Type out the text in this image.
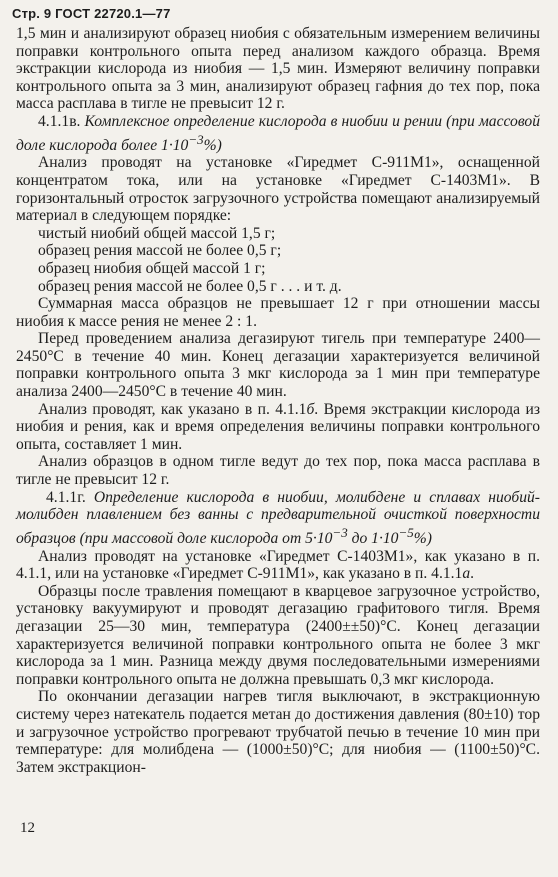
Стр. 9 ГОСТ 22720.1—77

1,5 мин и анализируют образец ниобия с обязательным измерением величины поправки контрольного опыта перед анализом каждого образца. Время экстракции кислорода из ниобия — 1,5 мин. Измеряют величину поправки контрольного опыта за 3 мин, анализируют образец гафния до тех пор, пока масса расплава в тигле не превысит 12 г.

4.1.1в. Комплексное определение кислорода в ниобии и рении (при массовой доле кислорода более $1\cdot 10^{-3}\%$)

Анализ проводят на установке «Гиредмет С-911М1», оснащенной концентратом тока, или на установке «Гиредмет С-1403М1». В горизонтальный отросток загрузочного устройства помещают анализируемый материал в следующем порядке:

чистый ниобий общей массой 1,5 г;

образец рения массой не более 0,5 г;

образец ниобия общей массой 1 г;

образец рения массой не более 0,5 г . . . и т. д.

Суммарная масса образцов не превышает 12 г при отношении массы ниобия к массе рения не менее 2 : 1.

Перед проведением анализа дегазируют тигель при температуре 2400—2450°С в течение 40 мин. Конец дегазации характеризуется величиной поправки контрольного опыта 3 мкг кислорода за 1 мин при температуре анализа 2400—2450°С в течение 40 мин.

Анализ проводят, как указано в п. 4.1.1б. Время экстракции кислорода из ниобия и рения, как и время определения величины поправки контрольного опыта, составляет 1 мин.

Анализ образцов в одном тигле ведут до тех пор, пока масса расплава в тигле не превысит 12 г.

4.1.1г. Определение кислорода в ниобии, молибдене и сплавах ниобий-молибден плавлением без ванны с предварительной очисткой поверхности образцов (при массовой доле кислорода от $5\cdot 10^{-3}$ до $1\cdot 10^{-5}\%$)

Анализ проводят на установке «Гиредмет С-1403М1», как указано в п. 4.1.1, или на установке «Гиредмет С-911М1», как указано в п. 4.1.1а.

Образцы после травления помещают в кварцевое загрузочное устройство, установку вакуумируют и проводят дегазацию графитового тигля. Время дегазации 25—30 мин, температура (2400±±50)°С. Конец дегазации характеризуется величиной поправки контрольного опыта не более 3 мкг кислорода за 1 мин. Разница между двумя последовательными измерениями поправки контрольного опыта не должна превышать 0,3 мкг кислорода.

По окончании дегазации нагрев тигля выключают, в экстракционную систему через натекатель подается метан до достижения давления (80±10) тор и загрузочное устройство прогревают трубчатой печью в течение 10 мин при температуре: для молибдена — (1000±50)°С; для ниобия — (1100±50)°С. Затем экстракцион-

12
